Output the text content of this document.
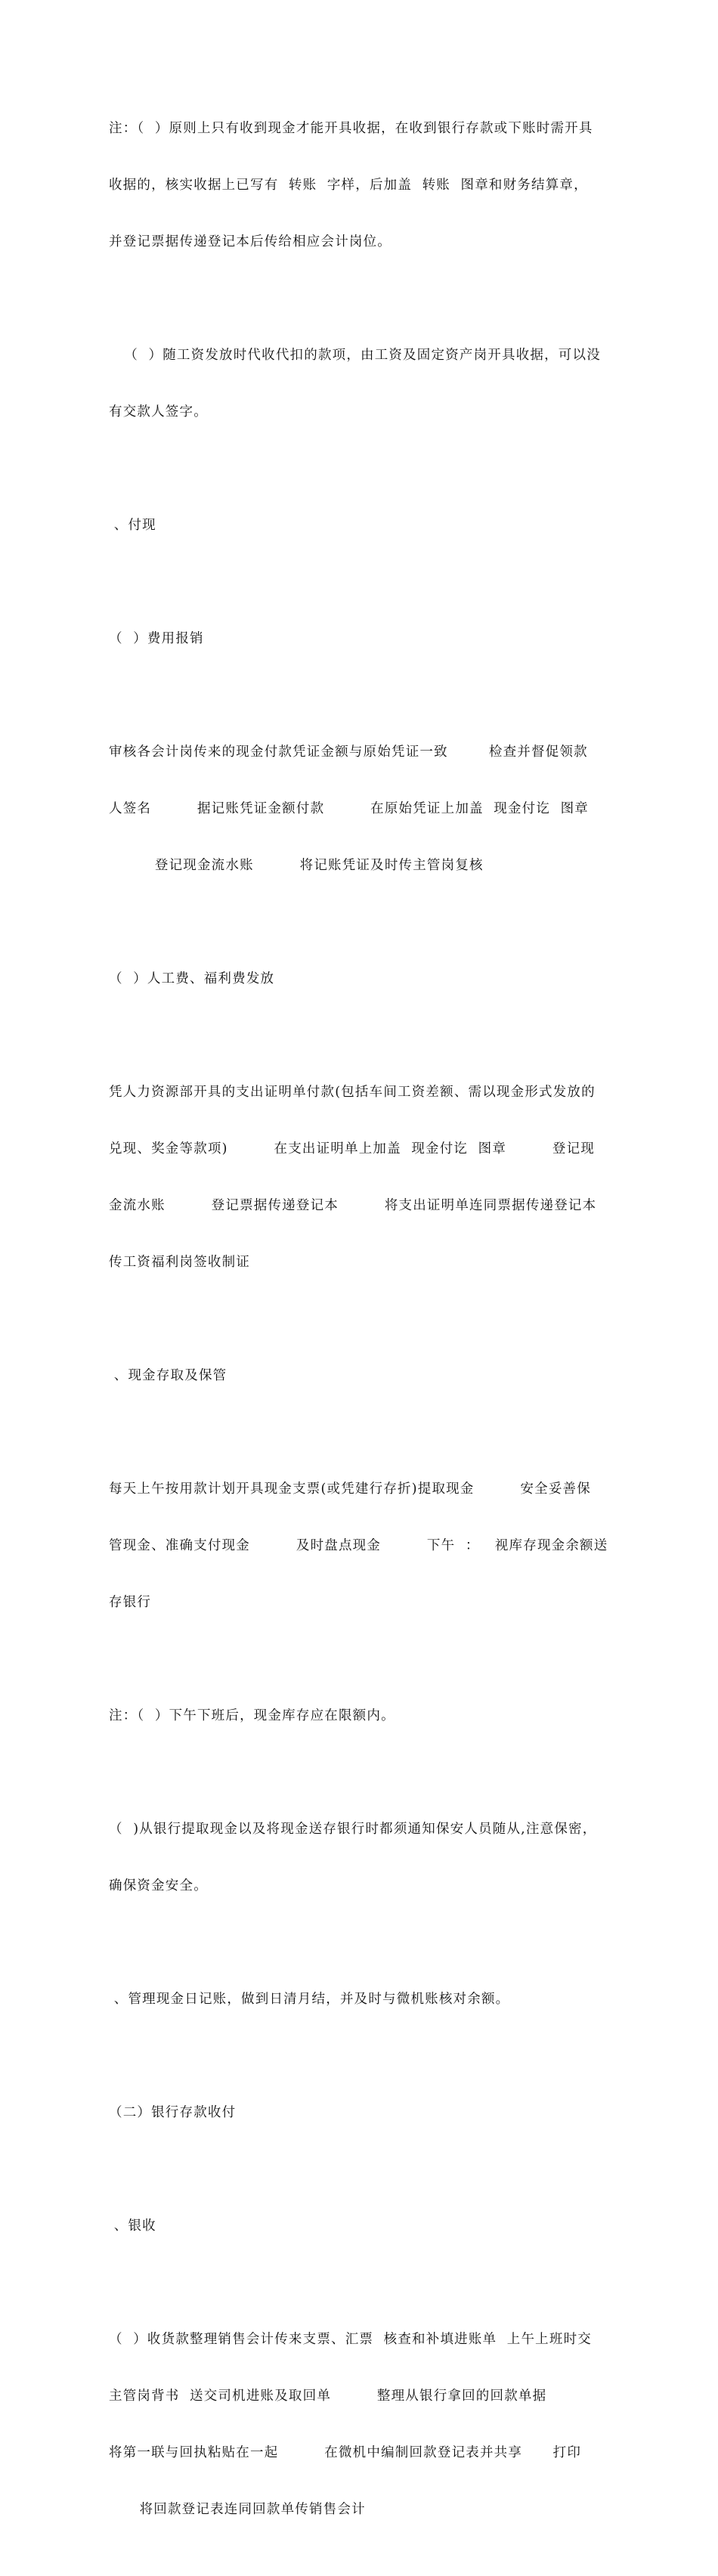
注：（  ）原则上只有收到现金才能开具收据，在收到银行存款或下账时需开具

收据的，核实收据上已写有  转账  字样，后加盖  转账  图章和财务结算章，

并登记票据传递登记本后传给相应会计岗位。

（  ）随工资发放时代收代扣的款项，由工资及固定资产岗开具收据，可以没

有交款人签字。

、付现

（  ）费用报销

审核各会计岗传来的现金付款凭证金额与原始凭证一致        检查并督促领款

人签名         据记账凭证金额付款         在原始凭证上加盖  现金付讫  图章

登记现金流水账         将记账凭证及时传主管岗复核

（  ）人工费、福利费发放

凭人力资源部开具的支出证明单付款(包括车间工资差额、需以现金形式发放的

兑现、奖金等款项)         在支出证明单上加盖  现金付讫  图章         登记现

金流水账         登记票据传递登记本         将支出证明单连同票据传递登记本

传工资福利岗签收制证

、现金存取及保管

每天上午按用款计划开具现金支票(或凭建行存折)提取现金         安全妥善保

管现金、准确支付现金         及时盘点现金         下午  ：   视库存现金余额送

存银行

注：（  ）下午下班后，现金库存应在限额内。

（  )从银行提取现金以及将现金送存银行时都须通知保安人员随从,注意保密，

确保资金安全。

、管理现金日记账，做到日清月结，并及时与微机账核对余额。

（二）银行存款收付

、银收

（  ）收货款整理销售会计传来支票、汇票  核查和补填进账单  上午上班时交

主管岗背书  送交司机进账及取回单         整理从银行拿回的回款单据

将第一联与回执粘贴在一起         在微机中编制回款登记表并共享      打印

将回款登记表连同回款单传销售会计
